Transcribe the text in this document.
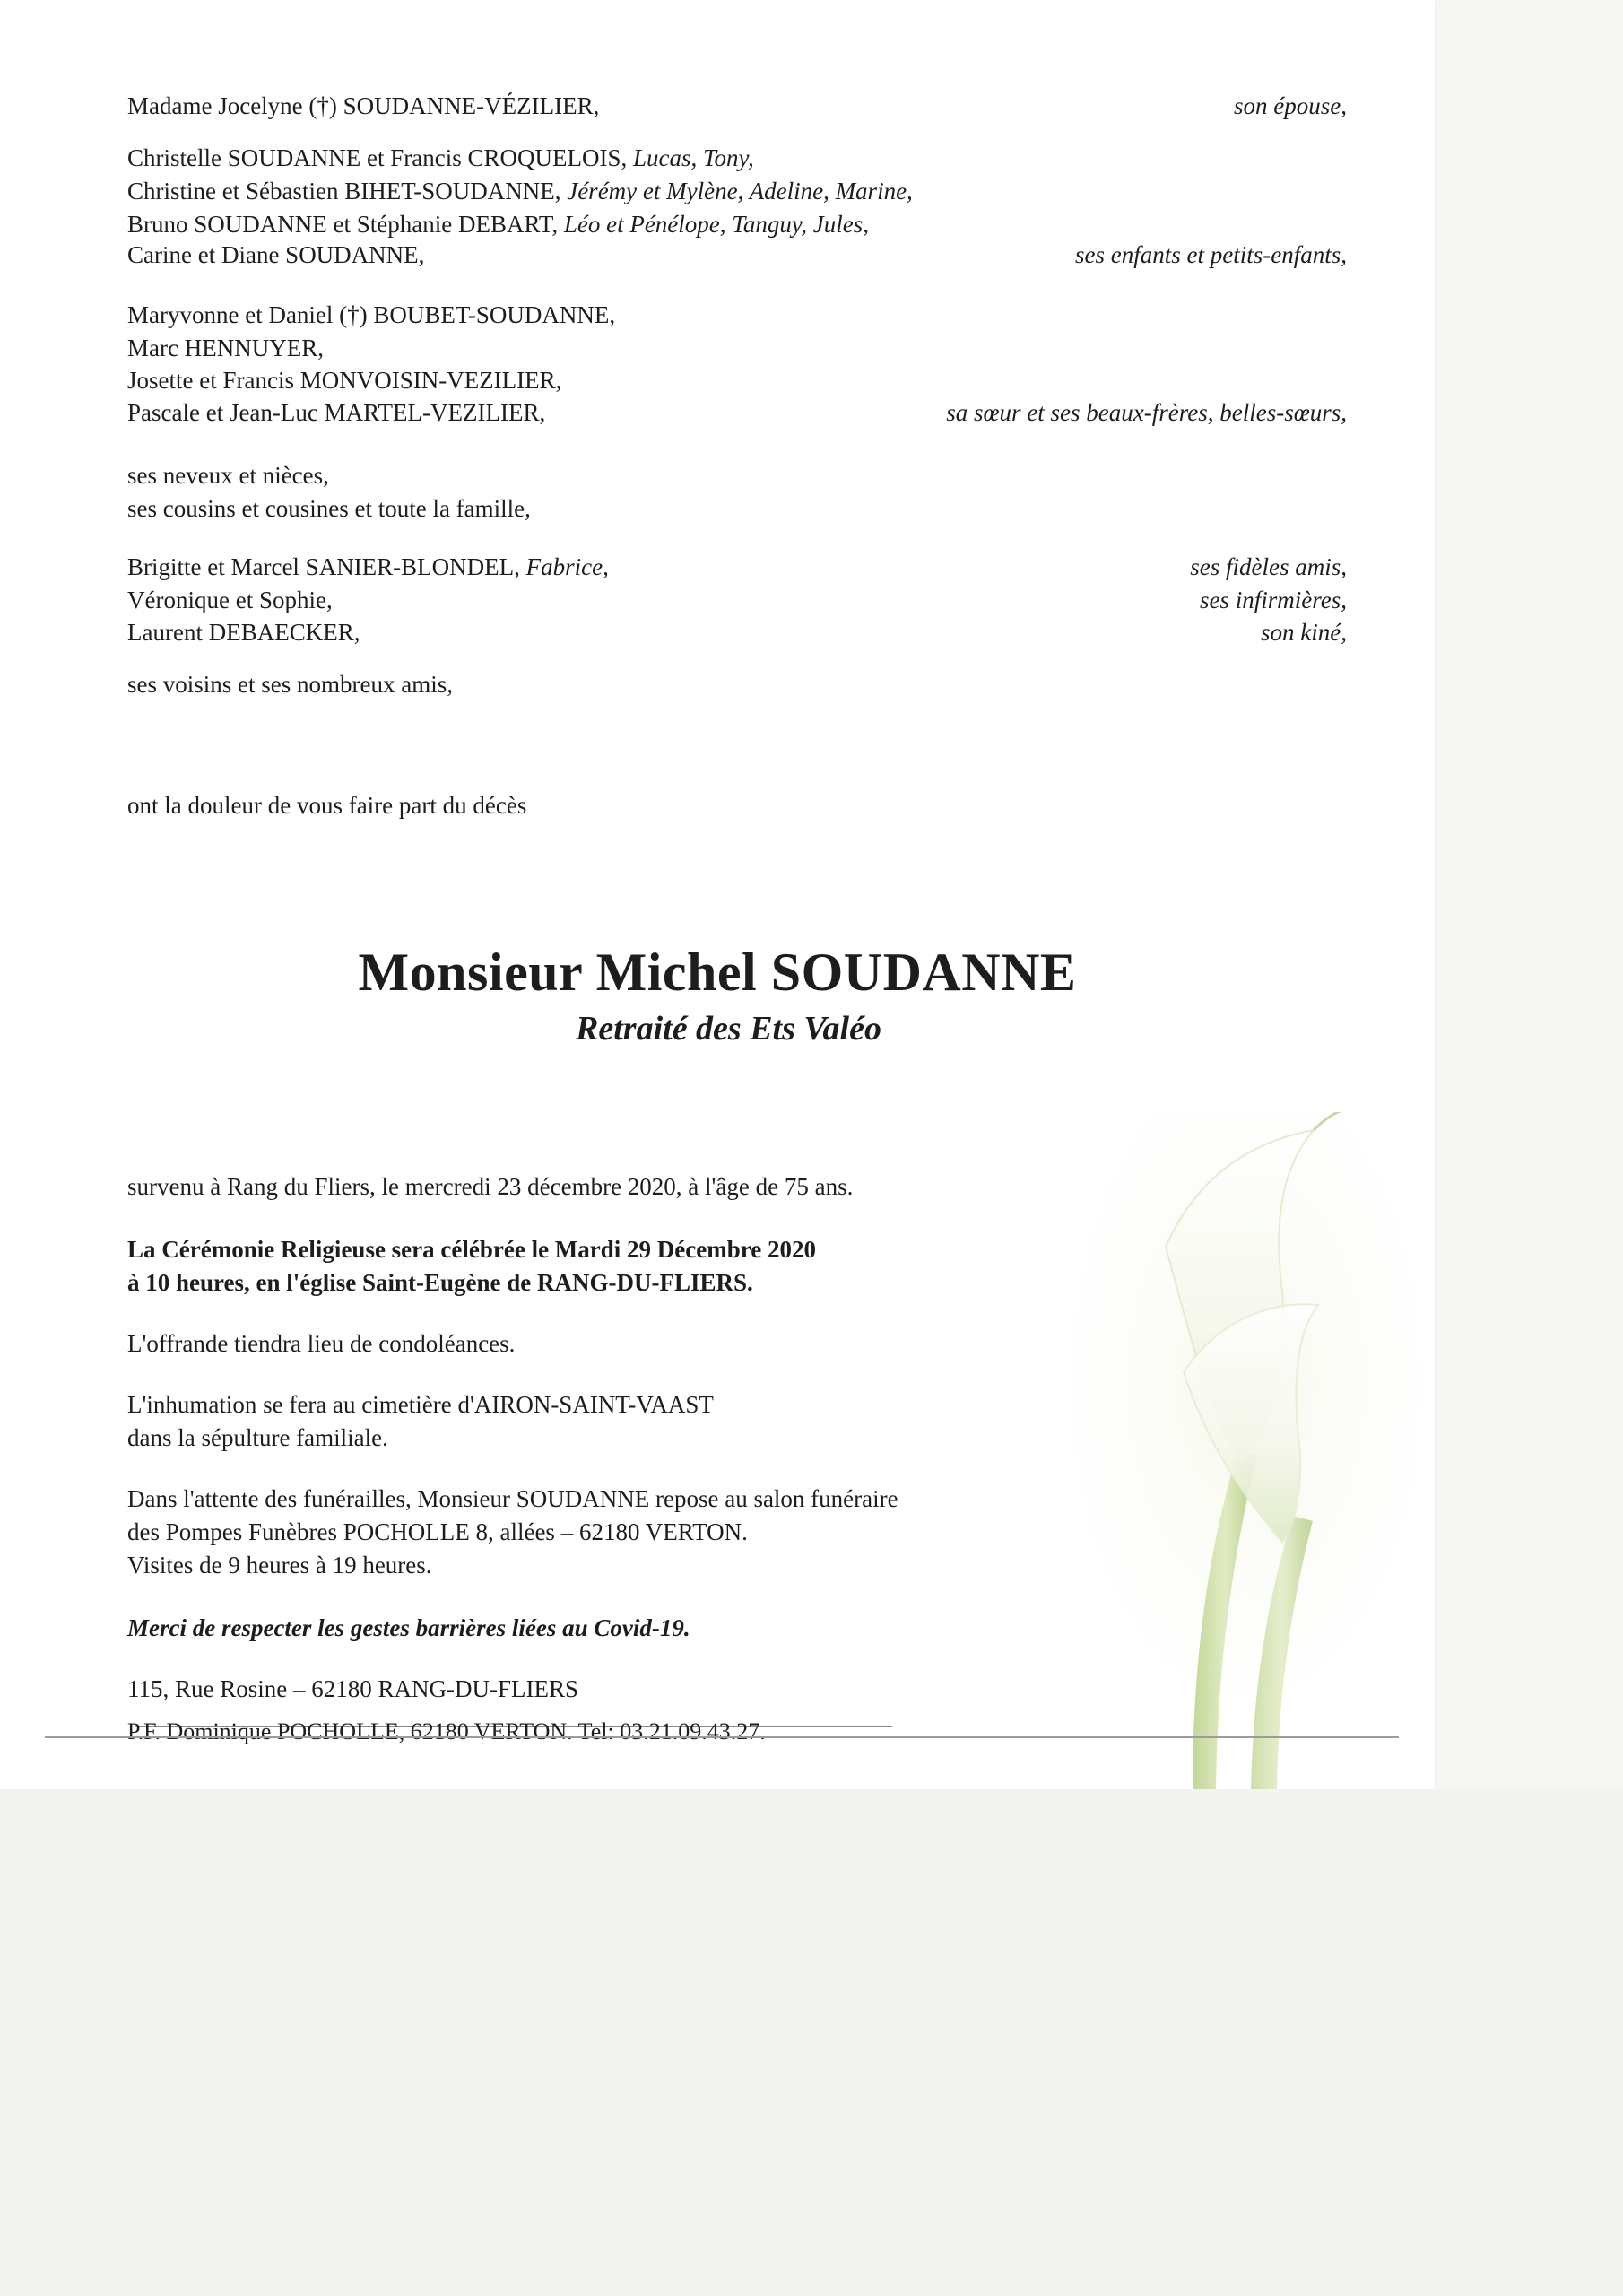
Madame Jocelyne (†) SOUDANNE-VÉZILIER,	son épouse,
Christelle SOUDANNE et Francis CROQUELOIS, Lucas, Tony,
Christine et Sébastien BIHET-SOUDANNE, Jérémy et Mylène, Adeline, Marine,
Bruno SOUDANNE et Stéphanie DEBART, Léo et Pénélope, Tanguy, Jules,
Carine et Diane SOUDANNE,	ses enfants et petits-enfants,
Maryvonne et Daniel (†) BOUBET-SOUDANNE,
Marc HENNUYER,
Josette et Francis MONVOISIN-VEZILIER,
Pascale et Jean-Luc MARTEL-VEZILIER,	sa sœur et ses beaux-frères, belles-sœurs,
ses neveux et nièces,
ses cousins et cousines et toute la famille,
Brigitte et Marcel SANIER-BLONDEL, Fabrice,	ses fidèles amis,
Véronique et Sophie,	ses infirmières,
Laurent DEBAECKER,	son kiné,
ses voisins et ses nombreux amis,
ont la douleur de vous faire part du décès
Monsieur Michel SOUDANNE
Retraité des Ets Valéo
survenu à Rang du Fliers, le mercredi 23 décembre 2020, à l'âge de 75 ans.
La Cérémonie Religieuse sera célébrée le Mardi 29 Décembre 2020
à 10 heures, en l'église Saint-Eugène de RANG-DU-FLIERS.
L'offrande tiendra lieu de condoléances.
L'inhumation se fera au cimetière d'AIRON-SAINT-VAAST
dans la sépulture familiale.
Dans l'attente des funérailles, Monsieur SOUDANNE repose au salon funéraire
des Pompes Funèbres POCHOLLE 8, allées – 62180 VERTON.
Visites de 9 heures à 19 heures.
Merci de respecter les gestes barrières liées au Covid-19.
115, Rue Rosine – 62180 RANG-DU-FLIERS
P.F. Dominique POCHOLLE, 62180 VERTON. Tel: 03.21.09.43.27.
